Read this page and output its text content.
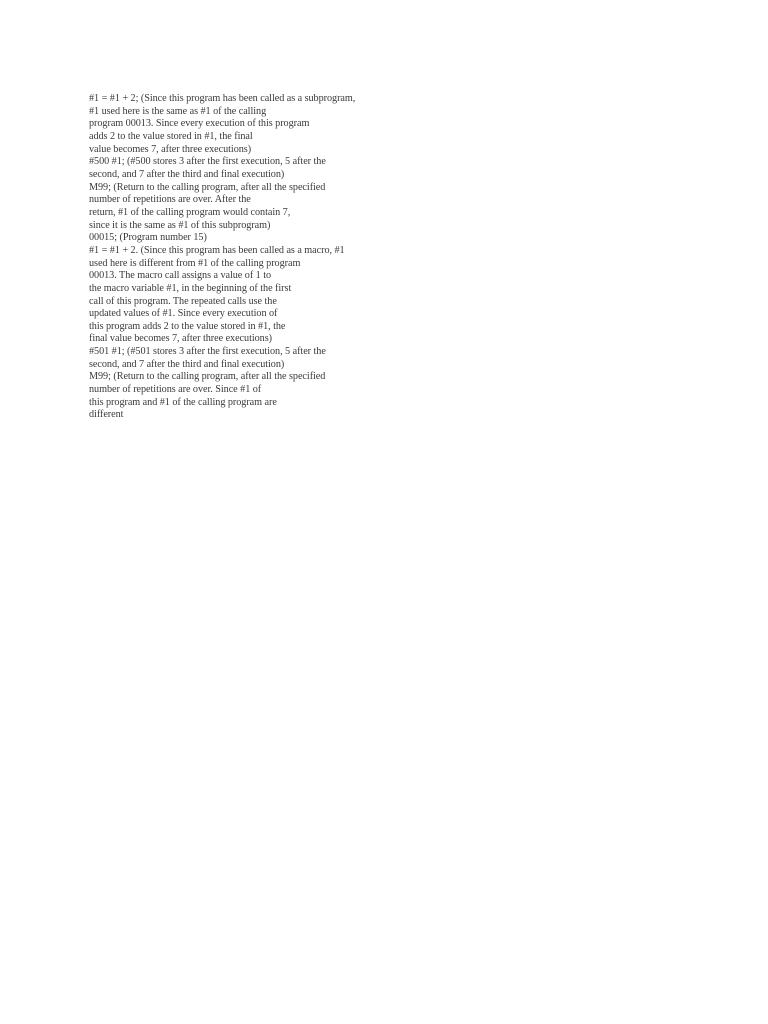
#1 = #1 + 2; (Since this program has been called as a subprogram,
#1 used here is the same as #1 of the calling
program 00013. Since every execution of this program
adds 2 to the value stored in #1, the final
value becomes 7, after three executions)
#500 #1; (#500 stores 3 after the first execution, 5 after the
second, and 7 after the third and final execution)
M99; (Return to the calling program, after all the specified
number of repetitions are over. After the
return, #1 of the calling program would contain 7,
since it is the same as #1 of this subprogram)
00015; (Program number 15)
#1 = #1 + 2. (Since this program has been called as a macro, #1
used here is different from #1 of the calling program
00013. The macro call assigns a value of 1 to
the macro variable #1, in the beginning of the first
call of this program. The repeated calls use the
updated values of #1. Since every execution of
this program adds 2 to the value stored in #1, the
final value becomes 7, after three executions)
#501 #1; (#501 stores 3 after the first execution, 5 after the
second, and 7 after the third and final execution)
M99; (Return to the calling program, after all the specified
number of repetitions are over. Since #1 of
this program and #1 of the calling program are
different
